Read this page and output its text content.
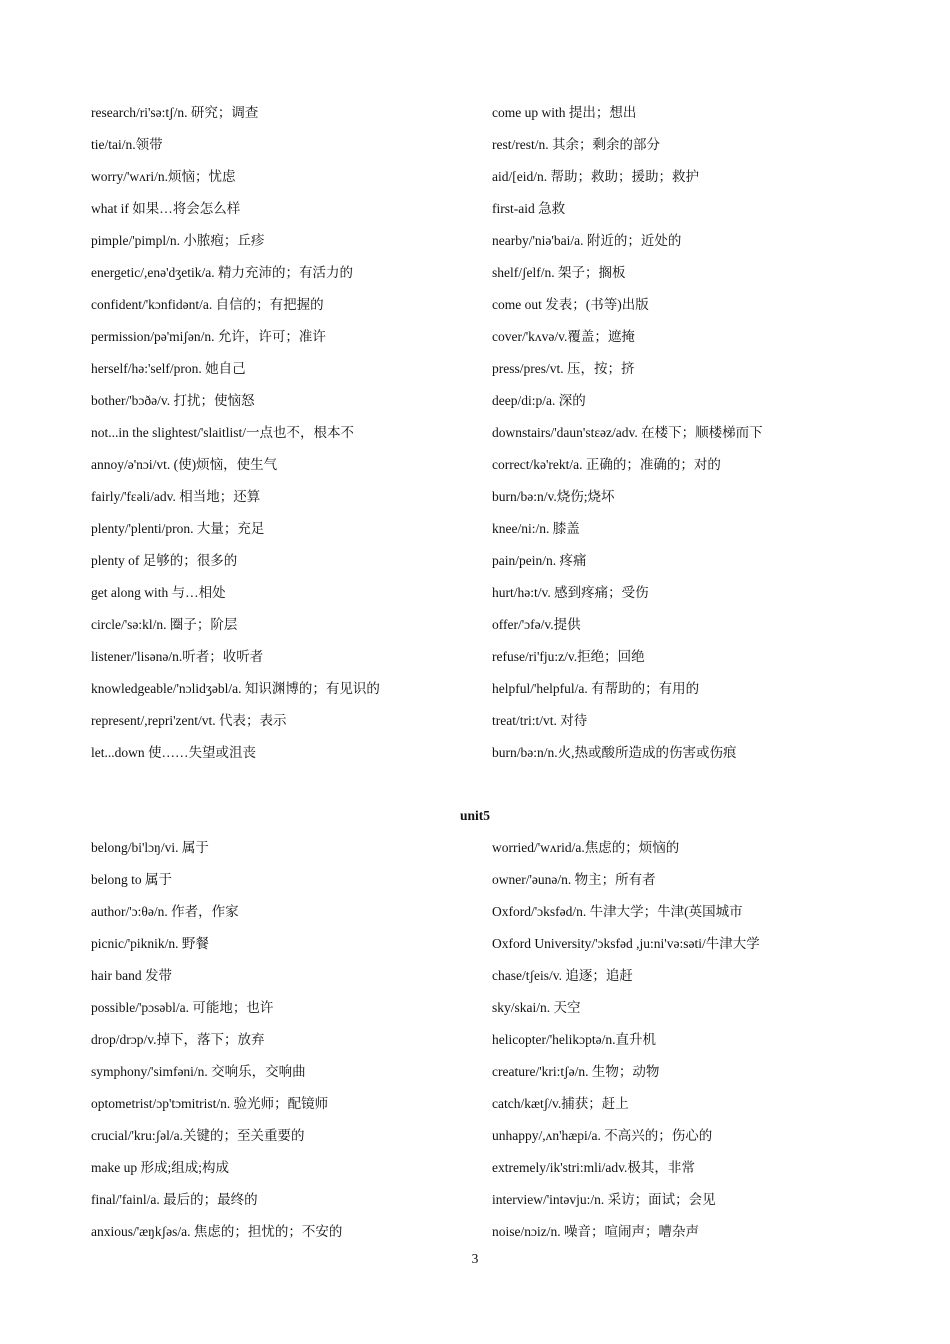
research/ri'sə:tʃ/n. 研究；调查
tie/tai/n.领带
worry/'wʌri/n.烦恼；忧虑
what if 如果…将会怎么样
pimple/'pimpl/n. 小脓疱；丘疹
energetic/,enə'dʒetik/a. 精力充沛的；有活力的
confident/'kɔnfidənt/a. 自信的；有把握的
permission/pə'miʃən/n. 允许，许可；准许
herself/hə:'self/pron. 她自己
bother/'bɔðə/v. 打扰；使恼怒
not...in the slightest/'slaitlist/一点也不，根本不
annoy/ə'nɔi/vt. (使)烦恼，使生气
fairly/'fɛəli/adv. 相当地；还算
plenty/'plenti/pron. 大量；充足
plenty of 足够的；很多的
get along with 与…相处
circle/'sə:kl/n. 圈子；阶层
listener/'lisənə/n.听者；收听者
knowledgeable/'nɔlidʒəbl/a. 知识渊博的；有见识的
represent/,repri'zent/vt. 代表；表示
let...down 使……失望或沮丧
come up with 提出；想出
rest/rest/n. 其余；剩余的部分
aid/[eid/n. 帮助；救助；援助；救护
first-aid 急救
nearby/'niə'bai/a. 附近的；近处的
shelf/ʃelf/n. 架子；搁板
come out 发表；(书等)出版
cover/'kʌvə/v.覆盖；遮掩
press/pres/vt. 压，按；挤
deep/di:p/a. 深的
downstairs/'daun'stɛəz/adv. 在楼下；顺楼梯而下
correct/kə'rekt/a. 正确的；准确的；对的
burn/bə:n/v.烧伤;烧坏
knee/ni:/n. 膝盖
pain/pein/n. 疼痛
hurt/hə:t/v. 感到疼痛；受伤
offer/'ɔfə/v.提供
refuse/ri'fju:z/v.拒绝；回绝
helpful/'helpful/a. 有帮助的；有用的
treat/tri:t/vt. 对待
burn/bə:n/n.火,热或酸所造成的伤害或伤痕
unit5
belong/bi'lɔŋ/vi. 属于
belong to 属于
author/'ɔ:θə/n. 作者，作家
picnic/'piknik/n. 野餐
hair band 发带
possible/'pɔsəbl/a. 可能地；也许
drop/drɔp/v.掉下，落下；放弃
symphony/'simfəni/n. 交响乐，交响曲
optometrist/ɔp'tɔmitrist/n. 验光师；配镜师
crucial/'kru:ʃəl/a.关键的；至关重要的
make up 形成;组成;构成
final/'fainl/a. 最后的；最终的
anxious/'æŋkʃəs/a. 焦虑的；担忧的；不安的
worried/'wʌrid/a.焦虑的；烦恼的
owner/'əunə/n. 物主；所有者
Oxford/'ɔksfəd/n. 牛津大学；牛津(英国城市
Oxford University/'ɔksfəd ,ju:ni'və:səti/牛津大学
chase/tʃeis/v. 追逐；追赶
sky/skai/n. 天空
helicopter/'helikɔptə/n.直升机
creature/'kri:tʃə/n. 生物；动物
catch/kætʃ/v.捕获；赶上
unhappy/,ʌn'hæpi/a. 不高兴的；伤心的
extremely/ik'stri:mli/adv.极其，非常
interview/'intəvju:/n. 采访；面试；会见
noise/nɔiz/n. 噪音；喧闹声；嘈杂声
3
